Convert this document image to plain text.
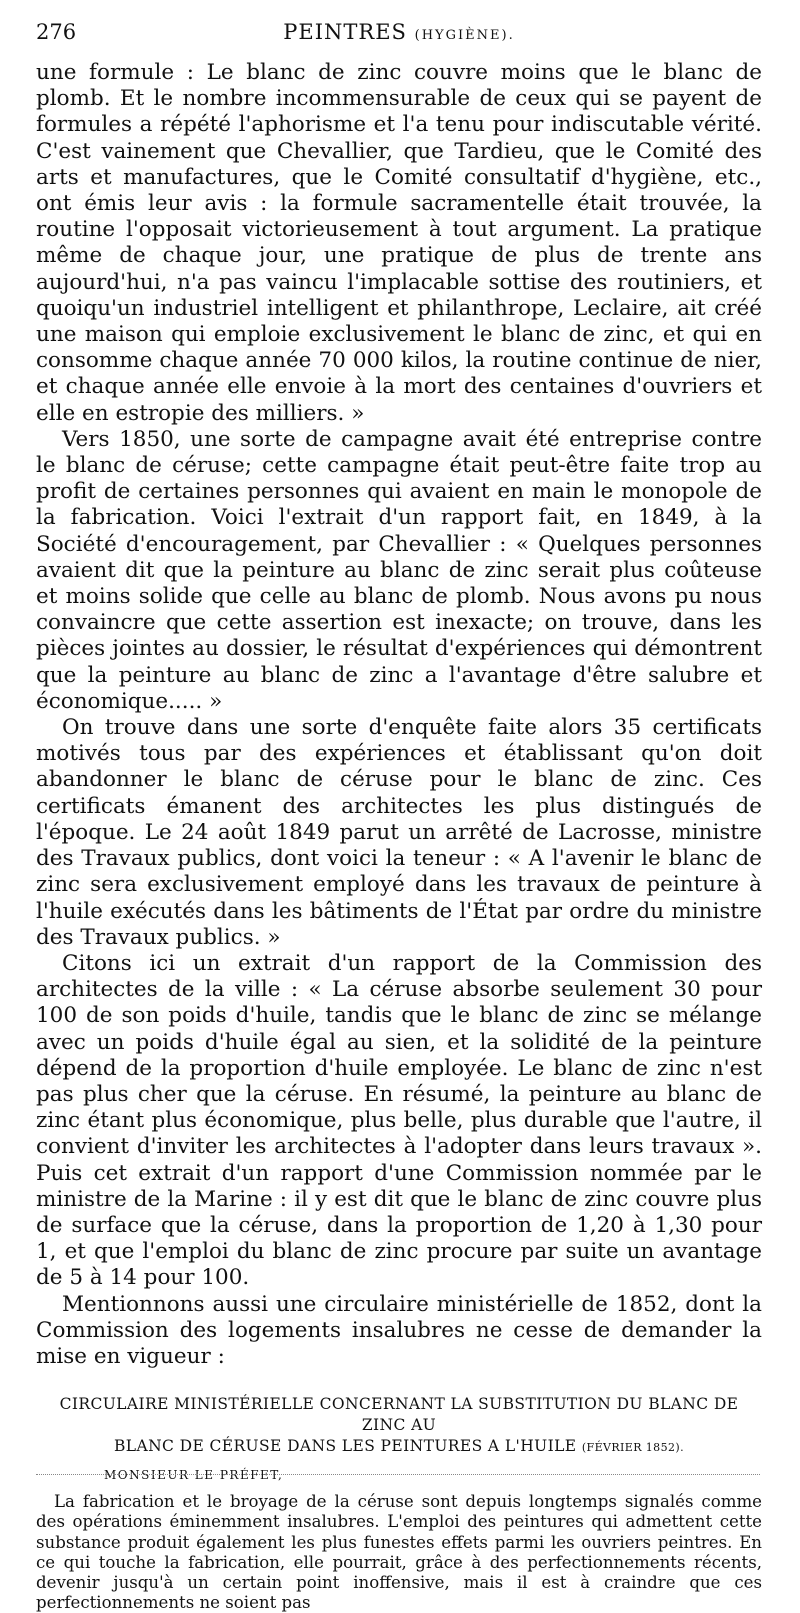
276	PEINTRES (HYGIÈNE).

une formule : Le blanc de zinc couvre moins que le blanc de plomb. Et le nombre incommensurable de ceux qui se payent de formules a répété l'aphorisme et l'a tenu pour indiscutable vérité. C'est vainement que Chevallier, que Tardieu, que le Comité des arts et manufactures, que le Comité consultatif d'hygiène, etc., ont émis leur avis : la formule sacramentelle était trouvée, la routine l'opposait victorieusement à tout argument. La pratique même de chaque jour, une pratique de plus de trente ans aujourd'hui, n'a pas vaincu l'implacable sottise des routiniers, et quoiqu'un industriel intelligent et philanthrope, Leclaire, ait créé une maison qui emploie exclusivement le blanc de zinc, et qui en consomme chaque année 70 000 kilos, la routine continue de nier, et chaque année elle envoie à la mort des centaines d'ouvriers et elle en estropie des milliers. »

Vers 1850, une sorte de campagne avait été entreprise contre le blanc de céruse; cette campagne était peut-être faite trop au profit de certaines personnes qui avaient en main le monopole de la fabrication. Voici l'extrait d'un rapport fait, en 1849, à la Société d'encouragement, par Chevallier : « Quelques personnes avaient dit que la peinture au blanc de zinc serait plus coûteuse et moins solide que celle au blanc de plomb. Nous avons pu nous convaincre que cette assertion est inexacte; on trouve, dans les pièces jointes au dossier, le résultat d'expériences qui démontrent que la peinture au blanc de zinc a l'avantage d'être salubre et économique..... »

On trouve dans une sorte d'enquête faite alors 35 certificats motivés tous par des expériences et établissant qu'on doit abandonner le blanc de céruse pour le blanc de zinc. Ces certificats émanent des architectes les plus distingués de l'époque. Le 24 août 1849 parut un arrêté de Lacrosse, ministre des Travaux publics, dont voici la teneur : « A l'avenir le blanc de zinc sera exclusivement employé dans les travaux de peinture à l'huile exécutés dans les bâtiments de l'État par ordre du ministre des Travaux publics. »

Citons ici un extrait d'un rapport de la Commission des architectes de la ville : « La céruse absorbe seulement 30 pour 100 de son poids d'huile, tandis que le blanc de zinc se mélange avec un poids d'huile égal au sien, et la solidité de la peinture dépend de la proportion d'huile employée. Le blanc de zinc n'est pas plus cher que la céruse. En résumé, la peinture au blanc de zinc étant plus économique, plus belle, plus durable que l'autre, il convient d'inviter les architectes à l'adopter dans leurs travaux ». Puis cet extrait d'un rapport d'une Commission nommée par le ministre de la Marine : il y est dit que le blanc de zinc couvre plus de surface que la céruse, dans la proportion de 1,20 à 1,30 pour 1, et que l'emploi du blanc de zinc procure par suite un avantage de 5 à 14 pour 100.

Mentionnons aussi une circulaire ministérielle de 1852, dont la Commission des logements insalubres ne cesse de demander la mise en vigueur :

CIRCULAIRE MINISTÉRIELLE CONCERNANT LA SUBSTITUTION DU BLANC DE ZINC AU
BLANC DE CÉRUSE DANS LES PEINTURES A L'HUILE (FÉVRIER 1852).
MONSIEUR LE PRÉFET,

La fabrication et le broyage de la céruse sont depuis longtemps signalés comme des opérations éminemment insalubres. L'emploi des peintures qui admettent cette substance produit également les plus funestes effets parmi les ouvriers peintres. En ce qui touche la fabrication, elle pourrait, grâce à des perfectionnements récents, devenir jusqu'à un certain point inoffensive, mais il est à craindre que ces perfectionnements ne soient pas
